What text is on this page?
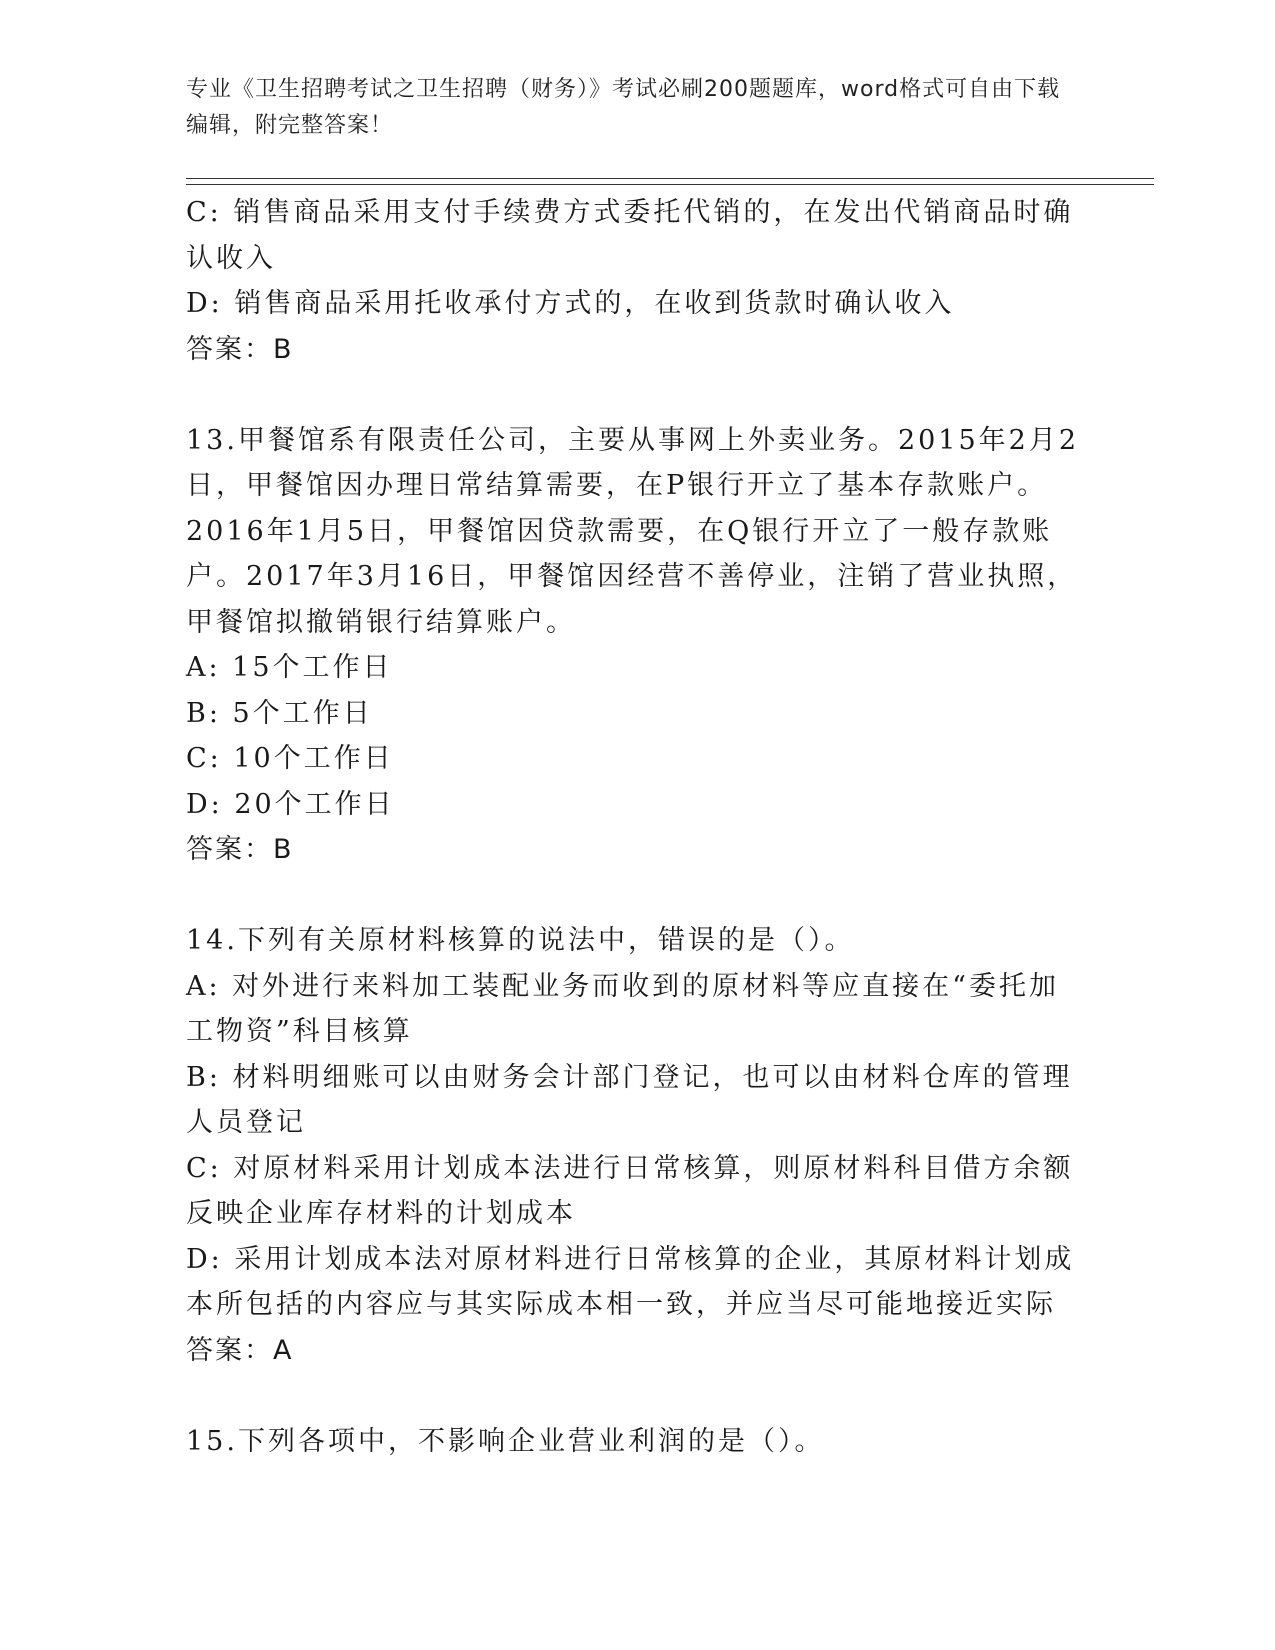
专业《卫生招聘考试之卫生招聘（财务）》考试必刷200题题库，word格式可自由下载编辑，附完整答案！

C: 销售商品采用支付手续费方式委托代销的，在发出代销商品时确认收入

D: 销售商品采用托收承付方式的，在收到货款时确认收入

答案：B

13.甲餐馆系有限责任公司，主要从事网上外卖业务。2015年2月2日，甲餐馆因办理日常结算需要，在P银行开立了基本存款账户。2016年1月5日，甲餐馆因贷款需要，在Q银行开立了一般存款账户。2017年3月16日，甲餐馆因经营不善停业，注销了营业执照，甲餐馆拟撤销银行结算账户。

A: 15个工作日

B: 5个工作日

C: 10个工作日

D: 20个工作日

答案：B

14.下列有关原材料核算的说法中，错误的是（）。

A: 对外进行来料加工装配业务而收到的原材料等应直接在“委托加工物资”科目核算

B: 材料明细账可以由财务会计部门登记，也可以由材料仓库的管理人员登记

C: 对原材料采用计划成本法进行日常核算，则原材料科目借方余额反映企业库存材料的计划成本

D: 采用计划成本法对原材料进行日常核算的企业，其原材料计划成本所包括的内容应与其实际成本相一致，并应当尽可能地接近实际

答案：A

15.下列各项中，不影响企业营业利润的是（）。
